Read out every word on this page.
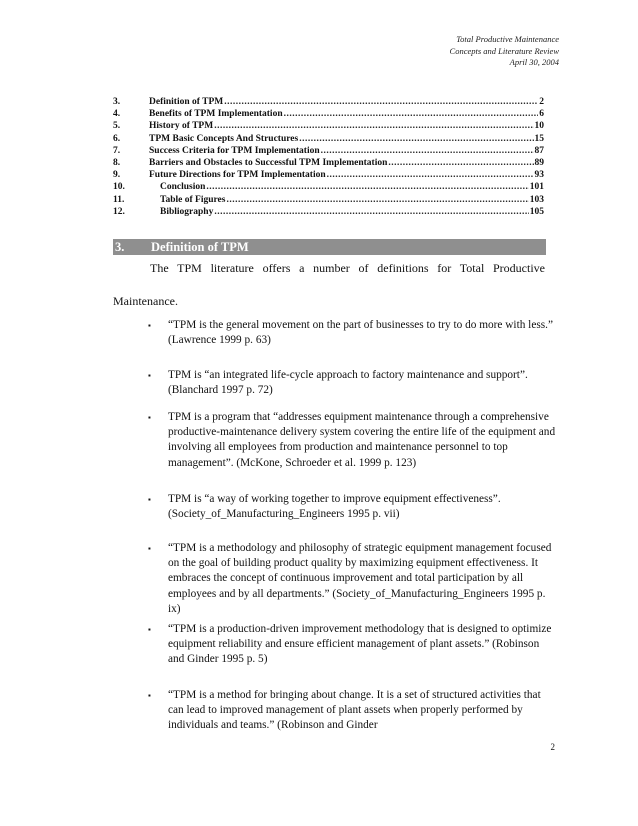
Total Productive Maintenance
Concepts and Literature Review
April 30, 2004
3.	Definition of TPM .....	2
4.	Benefits of TPM Implementation .....	6
5.	History of TPM .....	10
6.	TPM Basic Concepts And Structures .....	15
7.	Success Criteria for TPM Implementation .....	87
8.	Barriers and Obstacles to Successful TPM Implementation .....	89
9.	Future Directions for TPM Implementation .....	93
10.	Conclusion .....	101
11.	Table of Figures .....	103
12.	Bibliography .....	105
3.	Definition of TPM
The TPM literature offers a number of definitions for Total Productive
Maintenance.
▪	“TPM is the general movement on the part of businesses to try to do more with less.” (Lawrence 1999 p. 63)
▪	TPM is “an integrated life-cycle approach to factory maintenance and support”. (Blanchard 1997 p. 72)
▪	TPM is a program that “addresses equipment maintenance through a comprehensive productive-maintenance delivery system covering the entire life of the equipment and involving all employees from production and maintenance personnel to top management”. (McKone, Schroeder et al. 1999 p. 123)
▪	TPM is “a way of working together to improve equipment effectiveness”. (Society_of_Manufacturing_Engineers 1995 p. vii)
▪	“TPM is a methodology and philosophy of strategic equipment management focused on the goal of building product quality by maximizing equipment effectiveness. It embraces the concept of continuous improvement and total participation by all employees and by all departments.” (Society_of_Manufacturing_Engineers 1995 p. ix)
▪	“TPM is a production-driven improvement methodology that is designed to optimize equipment reliability and ensure efficient management of plant assets.” (Robinson and Ginder 1995 p. 5)
▪	“TPM is a method for bringing about change. It is a set of structured activities that can lead to improved management of plant assets when properly performed by individuals and teams.” (Robinson and Ginder
2
